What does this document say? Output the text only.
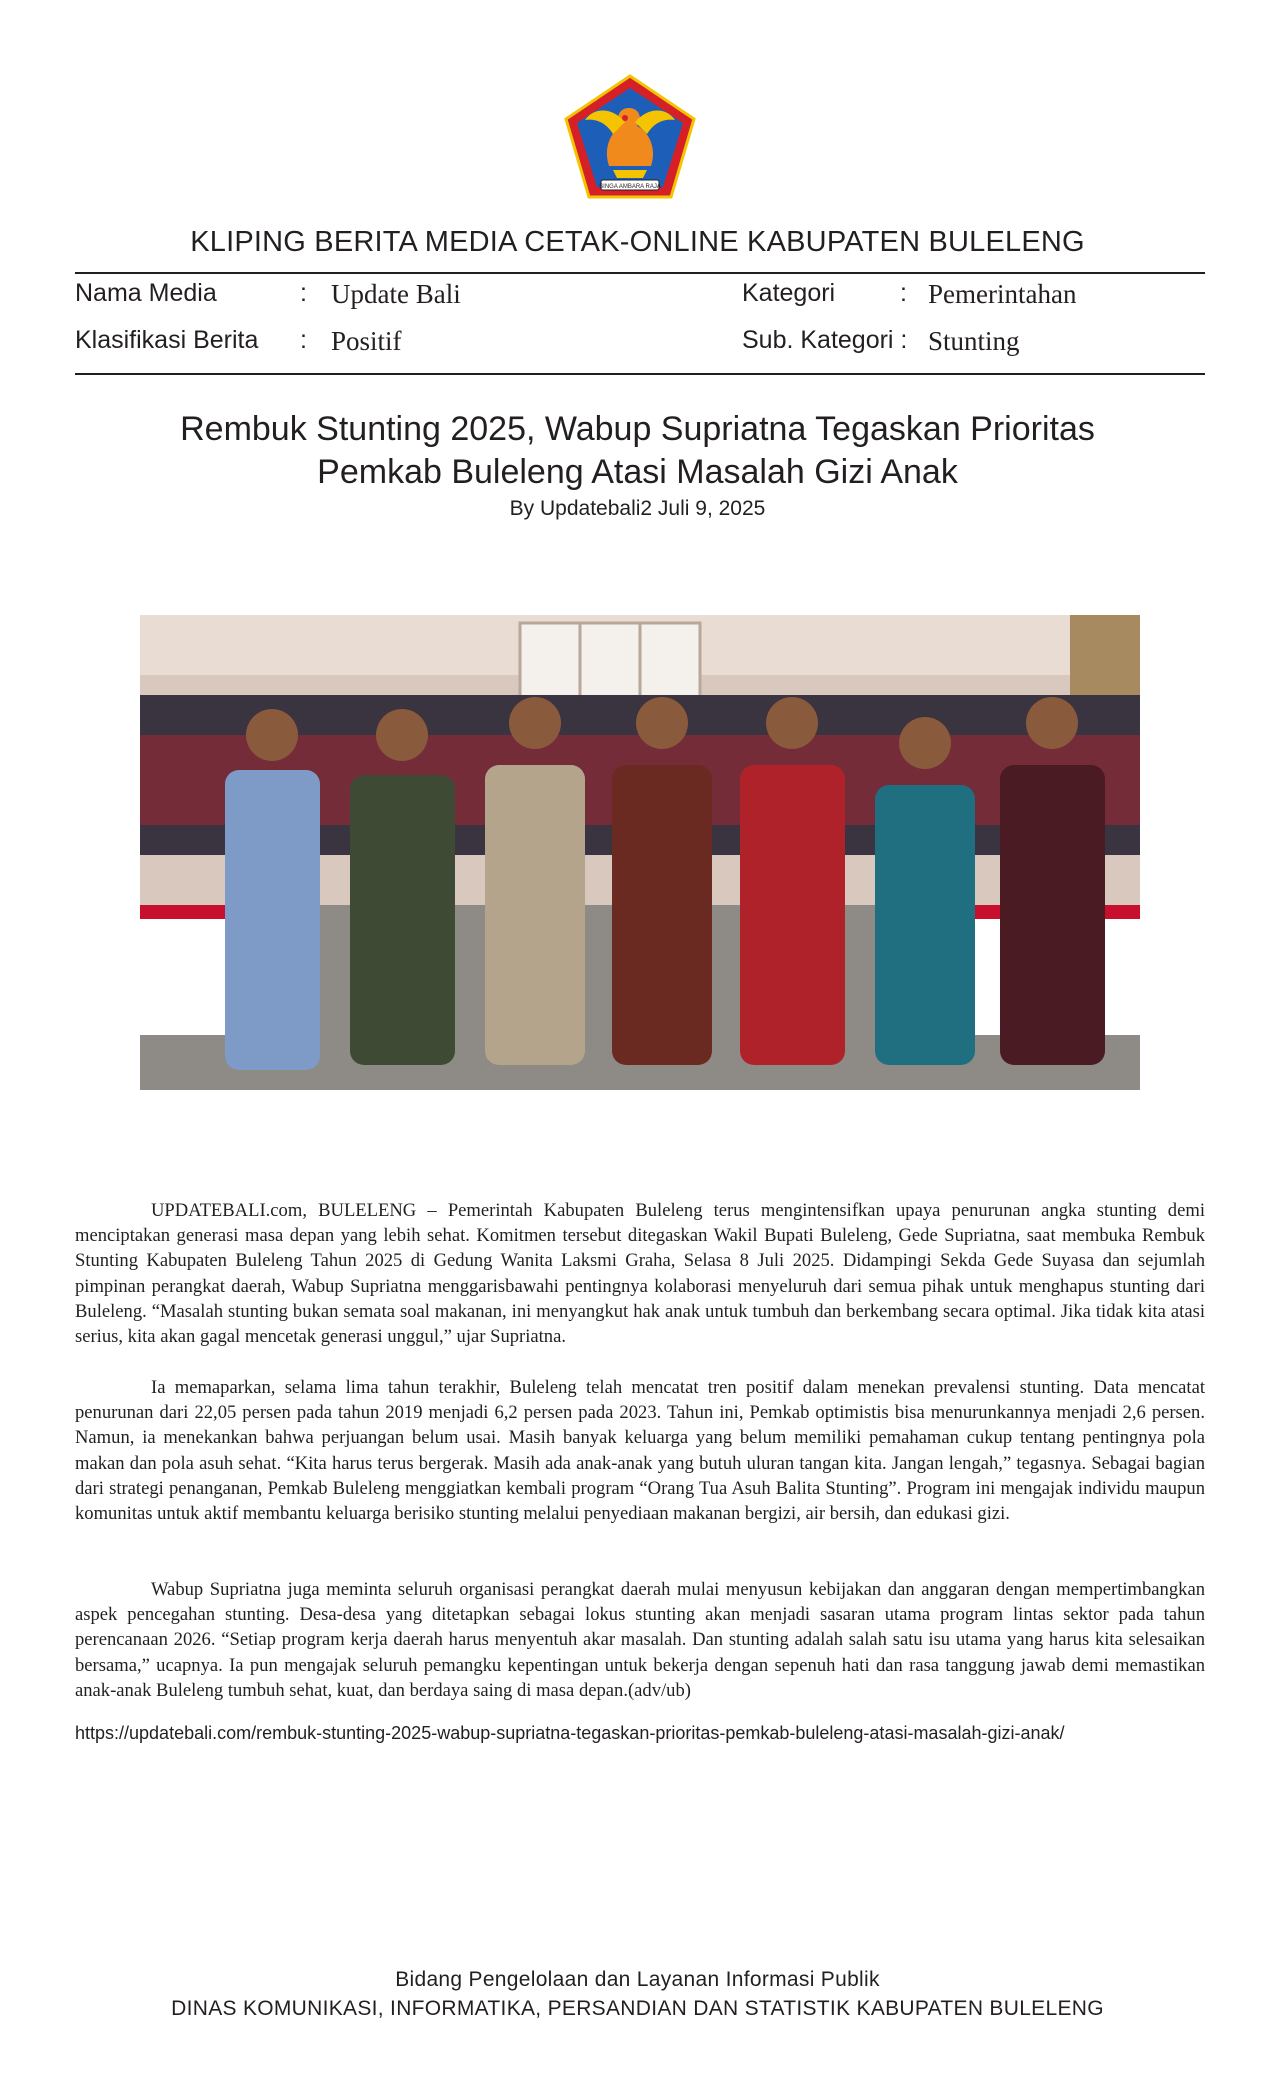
SINGA AMBARA RAJA
KLIPING BERITA MEDIA CETAK-ONLINE KABUPATEN BULELENG
Nama Media	: Update Bali	Kategori	: Pemerintahan
Klasifikasi Berita : Positif	Sub. Kategori : Stunting
Rembuk Stunting 2025, Wabup Supriatna Tegaskan Prioritas
Pemkab Buleleng Atasi Masalah Gizi Anak
By Updatebali2 Juli 9, 2025

UPDATEBALI.com, BULELENG – Pemerintah Kabupaten Buleleng terus mengintensifkan upaya penurunan angka stunting demi menciptakan generasi masa depan yang lebih sehat. Komitmen tersebut ditegaskan Wakil Bupati Buleleng, Gede Supriatna, saat membuka Rembuk Stunting Kabupaten Buleleng Tahun 2025 di Gedung Wanita Laksmi Graha, Selasa 8 Juli 2025. Didampingi Sekda Gede Suyasa dan sejumlah pimpinan perangkat daerah, Wabup Supriatna menggarisbawahi pentingnya kolaborasi menyeluruh dari semua pihak untuk menghapus stunting dari Buleleng. “Masalah stunting bukan semata soal makanan, ini menyangkut hak anak untuk tumbuh dan berkembang secara optimal. Jika tidak kita atasi serius, kita akan gagal mencetak generasi unggul,” ujar Supriatna.

Ia memaparkan, selama lima tahun terakhir, Buleleng telah mencatat tren positif dalam menekan prevalensi stunting. Data mencatat penurunan dari 22,05 persen pada tahun 2019 menjadi 6,2 persen pada 2023. Tahun ini, Pemkab optimistis bisa menurunkannya menjadi 2,6 persen. Namun, ia menekankan bahwa perjuangan belum usai. Masih banyak keluarga yang belum memiliki pemahaman cukup tentang pentingnya pola makan dan pola asuh sehat. “Kita harus terus bergerak. Masih ada anak-anak yang butuh uluran tangan kita. Jangan lengah,” tegasnya. Sebagai bagian dari strategi penanganan, Pemkab Buleleng menggiatkan kembali program “Orang Tua Asuh Balita Stunting”. Program ini mengajak individu maupun komunitas untuk aktif membantu keluarga berisiko stunting melalui penyediaan makanan bergizi, air bersih, dan edukasi gizi.

Wabup Supriatna juga meminta seluruh organisasi perangkat daerah mulai menyusun kebijakan dan anggaran dengan mempertimbangkan aspek pencegahan stunting. Desa-desa yang ditetapkan sebagai lokus stunting akan menjadi sasaran utama program lintas sektor pada tahun perencanaan 2026. “Setiap program kerja daerah harus menyentuh akar masalah. Dan stunting adalah salah satu isu utama yang harus kita selesaikan bersama,” ucapnya. Ia pun mengajak seluruh pemangku kepentingan untuk bekerja dengan sepenuh hati dan rasa tanggung jawab demi memastikan anak-anak Buleleng tumbuh sehat, kuat, dan berdaya saing di masa depan.(adv/ub)

https://updatebali.com/rembuk-stunting-2025-wabup-supriatna-tegaskan-prioritas-pemkab-buleleng-atasi-masalah-gizi-anak/
Bidang Pengelolaan dan Layanan Informasi Publik
DINAS KOMUNIKASI, INFORMATIKA, PERSANDIAN DAN STATISTIK KABUPATEN BULELENG
